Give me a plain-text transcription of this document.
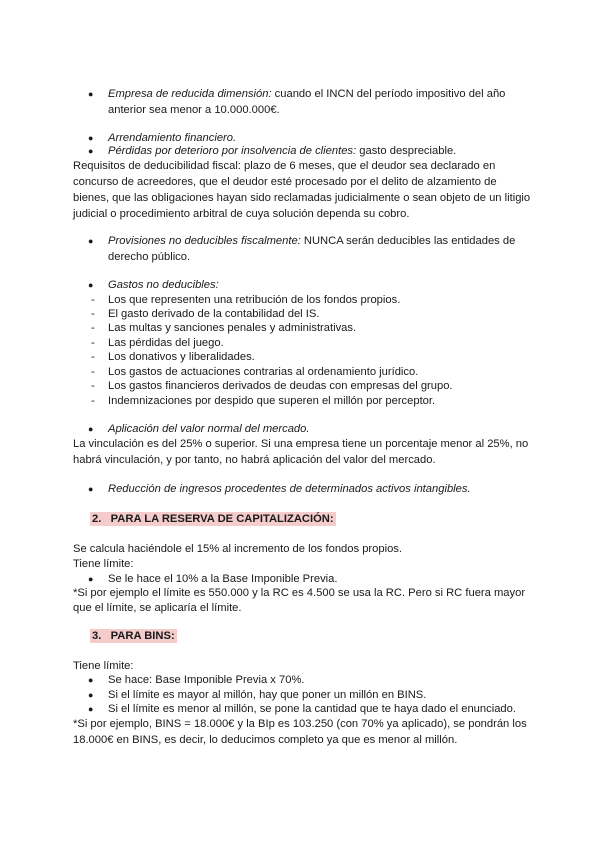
● Empresa de reducida dimensión: cuando el INCN del período impositivo del año
anterior sea menor a 10.000.000€.
● Arrendamiento financiero.
● Pérdidas por deterioro por insolvencia de clientes: gasto despreciable.
Requisitos de deducibilidad fiscal: plazo de 6 meses, que el deudor sea declarado en
concurso de acreedores, que el deudor esté procesado por el delito de alzamiento de
bienes, que las obligaciones hayan sido reclamadas judicialmente o sean objeto de un litigio
judicial o procedimiento arbitral de cuya solución dependa su cobro.
● Provisiones no deducibles fiscalmente: NUNCA serán deducibles las entidades de
derecho público.
● Gastos no deducibles:
- Los que representen una retribución de los fondos propios.
- El gasto derivado de la contabilidad del IS.
- Las multas y sanciones penales y administrativas.
- Las pérdidas del juego.
- Los donativos y liberalidades.
- Los gastos de actuaciones contrarias al ordenamiento jurídico.
- Los gastos financieros derivados de deudas con empresas del grupo.
- Indemnizaciones por despido que superen el millón por perceptor.
● Aplicación del valor normal del mercado.
La vinculación es del 25% o superior. Si una empresa tiene un porcentaje menor al 25%, no
habrá vinculación, y por tanto, no habrá aplicación del valor del mercado.
● Reducción de ingresos procedentes de determinados activos intangibles.
2. PARA LA RESERVA DE CAPITALIZACIÓN:
Se calcula haciéndole el 15% al incremento de los fondos propios.
Tiene límite:
● Se le hace el 10% a la Base Imponible Previa.
*Si por ejemplo el límite es 550.000 y la RC es 4.500 se usa la RC. Pero si RC fuera mayor
que el límite, se aplicaría el límite.
3. PARA BINS:
Tiene límite:
● Se hace: Base Imponible Previa x 70%.
● Si el límite es mayor al millón, hay que poner un millón en BINS.
● Si el límite es menor al millón, se pone la cantidad que te haya dado el enunciado.
*Si por ejemplo, BINS = 18.000€ y la BIp es 103.250 (con 70% ya aplicado), se pondrán los
18.000€ en BINS, es decir, lo deducimos completo ya que es menor al millón.
